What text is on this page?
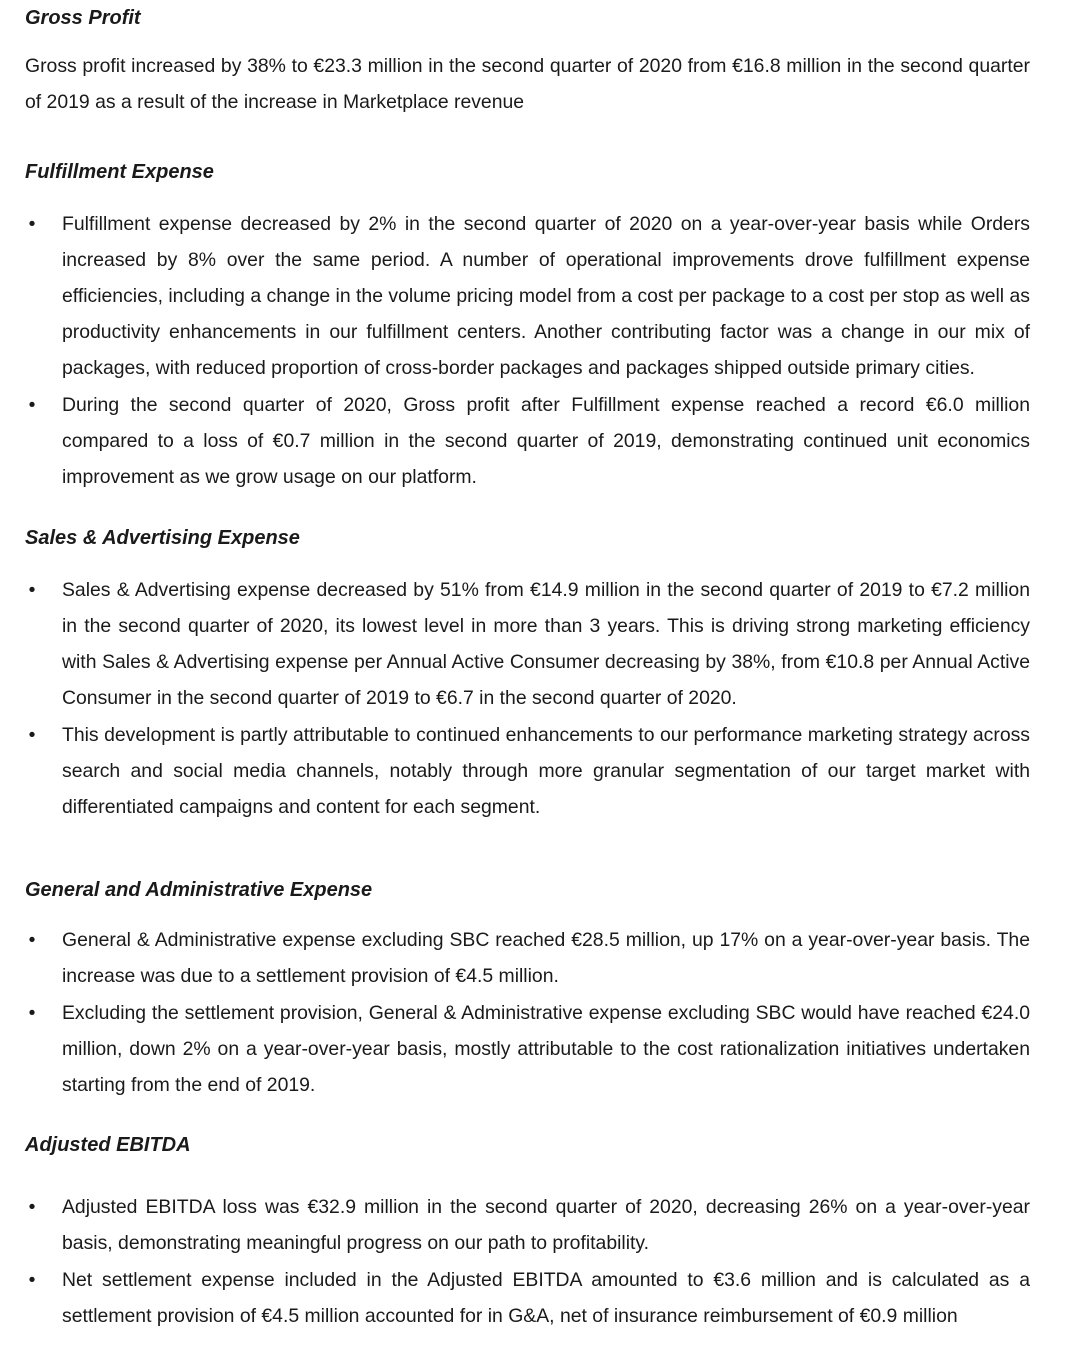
Gross Profit

Gross profit increased by 38% to €23.3 million in the second quarter of 2020 from €16.8 million in the second quarter of 2019 as a result of the increase in Marketplace revenue

Fulfillment Expense
• Fulfillment expense decreased by 2% in the second quarter of 2020 on a year-over-year basis while Orders increased by 8% over the same period. A number of operational improvements drove fulfillment expense efficiencies, including a change in the volume pricing model from a cost per package to a cost per stop as well as productivity enhancements in our fulfillment centers. Another contributing factor was a change in our mix of packages, with reduced proportion of cross-border packages and packages shipped outside primary cities.
• During the second quarter of 2020, Gross profit after Fulfillment expense reached a record €6.0 million compared to a loss of €0.7 million in the second quarter of 2019, demonstrating continued unit economics improvement as we grow usage on our platform.
Sales & Advertising Expense
• Sales & Advertising expense decreased by 51% from €14.9 million in the second quarter of 2019 to €7.2 million in the second quarter of 2020, its lowest level in more than 3 years. This is driving strong marketing efficiency with Sales & Advertising expense per Annual Active Consumer decreasing by 38%, from €10.8 per Annual Active Consumer in the second quarter of 2019 to €6.7 in the second quarter of 2020.
• This development is partly attributable to continued enhancements to our performance marketing strategy across search and social media channels, notably through more granular segmentation of our target market with differentiated campaigns and content for each segment.
General and Administrative Expense
• General & Administrative expense excluding SBC reached €28.5 million, up 17% on a year-over-year basis. The increase was due to a settlement provision of €4.5 million.
• Excluding the settlement provision, General & Administrative expense excluding SBC would have reached €24.0 million, down 2% on a year-over-year basis, mostly attributable to the cost rationalization initiatives undertaken starting from the end of 2019.
Adjusted EBITDA
• Adjusted EBITDA loss was €32.9 million in the second quarter of 2020, decreasing 26% on a year-over-year basis, demonstrating meaningful progress on our path to profitability.
• Net settlement expense included in the Adjusted EBITDA amounted to €3.6 million and is calculated as a settlement provision of €4.5 million accounted for in G&A, net of insurance reimbursement of €0.9 million
